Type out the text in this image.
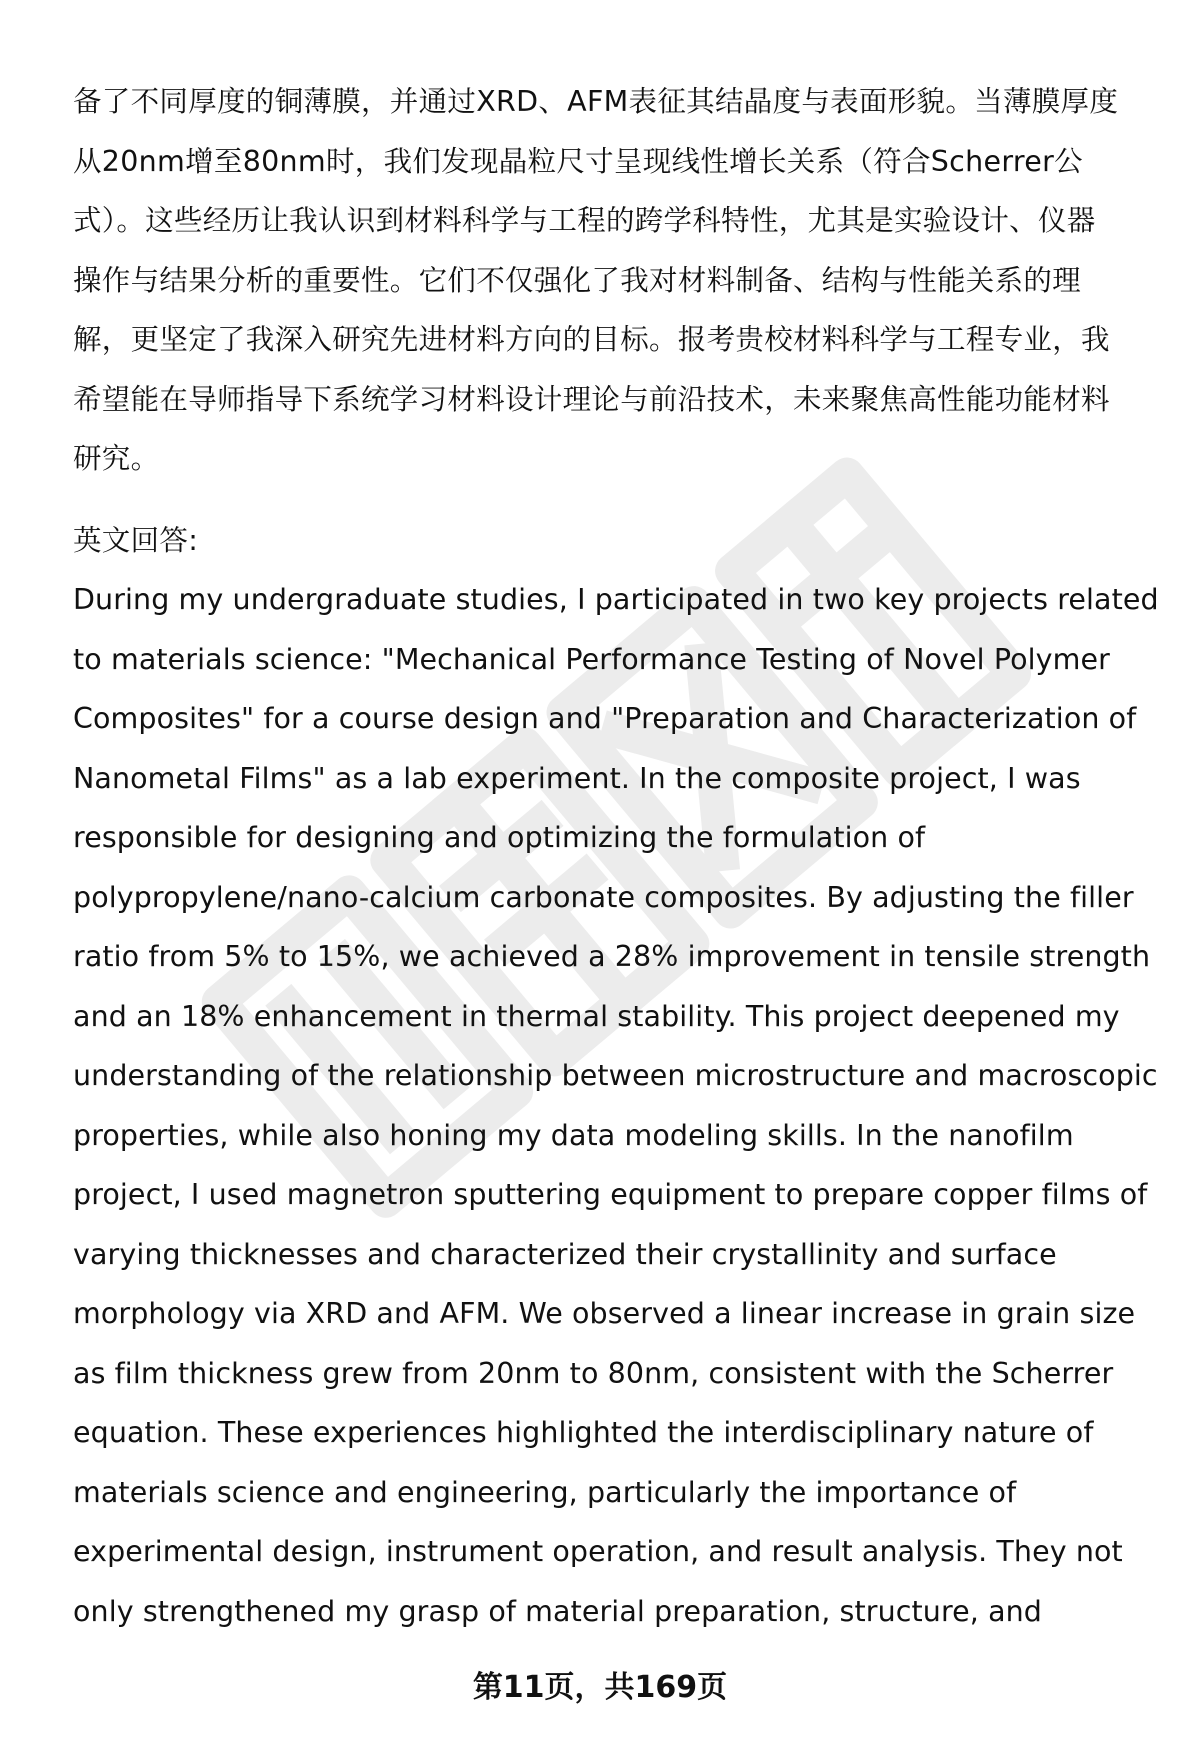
备了不同厚度的铜薄膜，并通过XRD、AFM表征其结晶度与表面形貌。当薄膜厚度
从20nm增至80nm时，我们发现晶粒尺寸呈现线性增长关系（符合Scherrer公
式）。这些经历让我认识到材料科学与工程的跨学科特性，尤其是实验设计、仪器
操作与结果分析的重要性。它们不仅强化了我对材料制备、结构与性能关系的理
解，更坚定了我深入研究先进材料方向的目标。报考贵校材料科学与工程专业，我
希望能在导师指导下系统学习材料设计理论与前沿技术，未来聚焦高性能功能材料
研究。
英文回答:
During my undergraduate studies, I participated in two key projects related
to materials science: "Mechanical Performance Testing of Novel Polymer
Composites" for a course design and "Preparation and Characterization of
Nanometal Films" as a lab experiment. In the composite project, I was
responsible for designing and optimizing the formulation of
polypropylene/nano-calcium carbonate composites. By adjusting the filler
ratio from 5% to 15%, we achieved a 28% improvement in tensile strength
and an 18% enhancement in thermal stability. This project deepened my
understanding of the relationship between microstructure and macroscopic
properties, while also honing my data modeling skills. In the nanofilm
project, I used magnetron sputtering equipment to prepare copper films of
varying thicknesses and characterized their crystallinity and surface
morphology via XRD and AFM. We observed a linear increase in grain size
as film thickness grew from 20nm to 80nm, consistent with the Scherrer
equation. These experiences highlighted the interdisciplinary nature of
materials science and engineering, particularly the importance of
experimental design, instrument operation, and result analysis. They not
only strengthened my grasp of material preparation, structure, and
第11页，共169页
